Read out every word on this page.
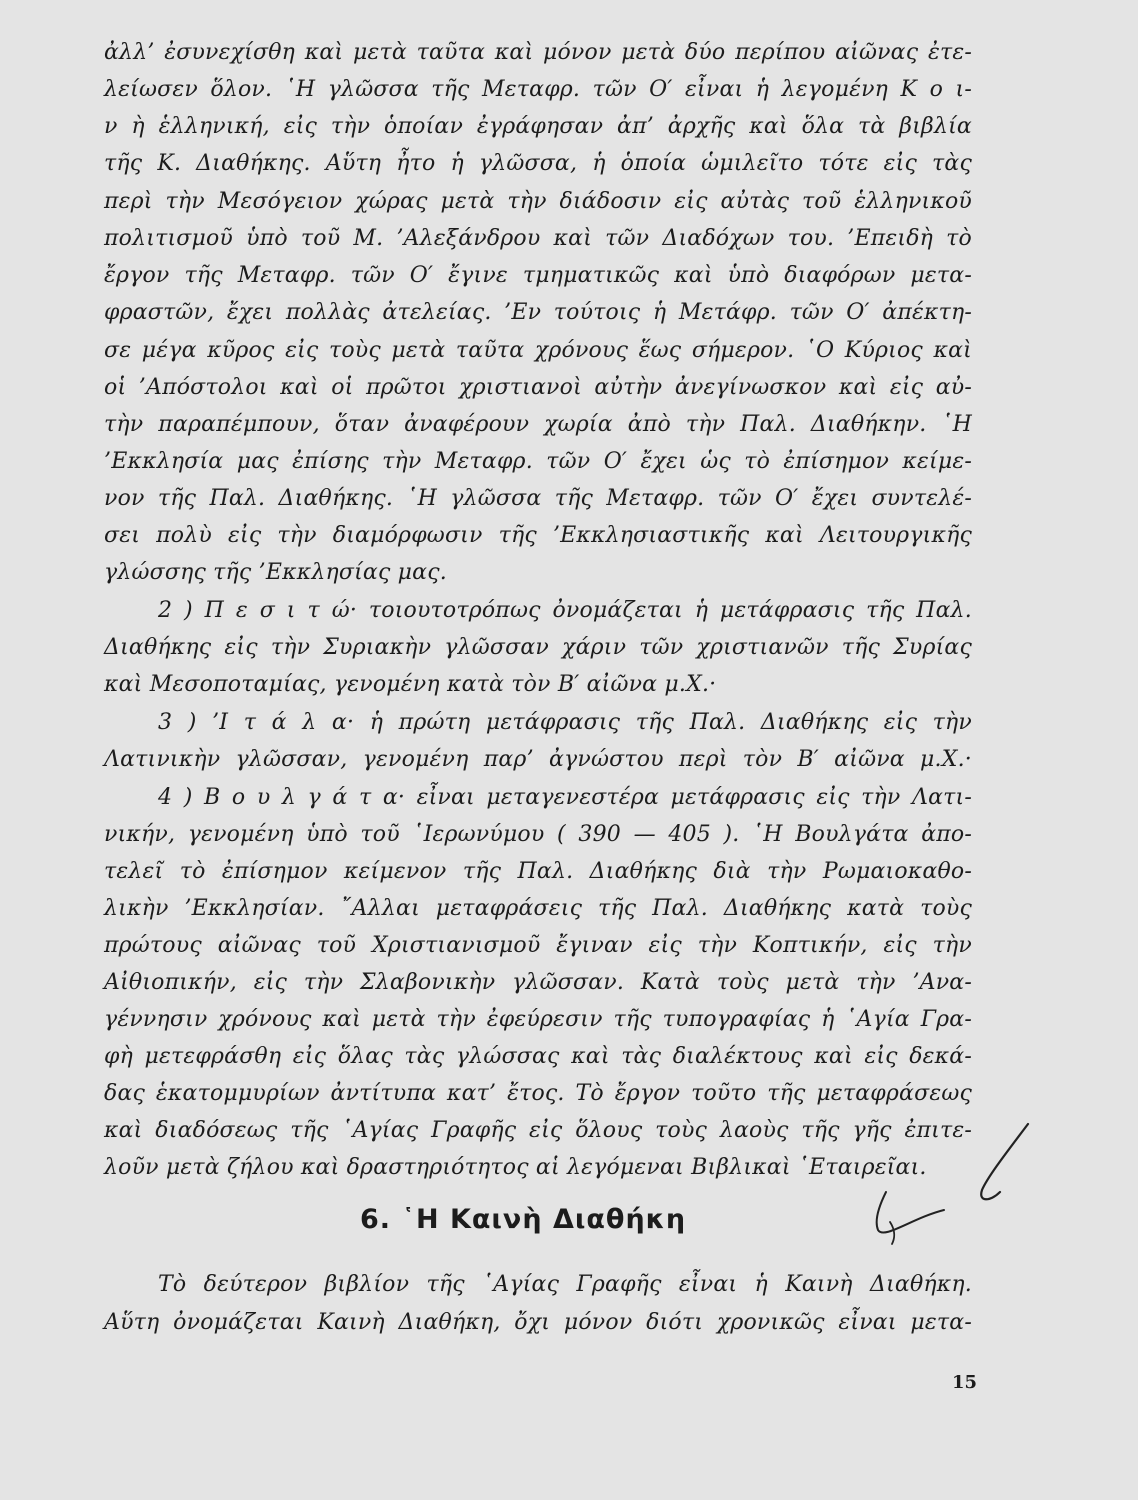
ἀλλ’ ἐσυνεχίσθη καὶ μετὰ ταῦτα καὶ μόνον μετὰ δύο περίπου αἰῶνας ἐτε-

λείωσεν ὅλον. ῾Η γλῶσσα τῆς Μεταφρ. τῶν Ο′ εἶναι ἡ λεγομένη Κ ο ι-

ν ὴ ἑλληνική, εἰς τὴν ὁποίαν ἐγράφησαν ἀπ’ ἀρχῆς καὶ ὅλα τὰ βιβλία

τῆς Κ. Διαθήκης. Αὕτη ἦτο ἡ γλῶσσα, ἡ ὁποία ὡμιλεῖτο τότε εἰς τὰς

περὶ τὴν Μεσόγειον χώρας μετὰ τὴν διάδοσιν εἰς αὐτὰς τοῦ ἑλληνικοῦ

πολιτισμοῦ ὑπὸ τοῦ Μ. ’Αλεξάνδρου καὶ τῶν Διαδόχων του. ’Επειδὴ τὸ

ἔργον τῆς Μεταφρ. τῶν Ο′ ἔγινε τμηματικῶς καὶ ὑπὸ διαφόρων μετα-

φραστῶν, ἔχει πολλὰς ἀτελείας. ’Εν τούτοις ἡ Μετάφρ. τῶν Ο′ ἀπέκτη-

σε μέγα κῦρος εἰς τοὺς μετὰ ταῦτα χρόνους ἕως σήμερον. ῾Ο Κύριος καὶ

οἱ ’Απόστολοι καὶ οἱ πρῶτοι χριστιανοὶ αὐτὴν ἀνεγίνωσκον καὶ εἰς αὐ-

τὴν παραπέμπουν, ὅταν ἀναφέρουν χωρία ἀπὸ τὴν Παλ. Διαθήκην. ῾Η

’Εκκλησία μας ἐπίσης τὴν Μεταφρ. τῶν Ο′ ἔχει ὡς τὸ ἐπίσημον κείμε-

νον τῆς Παλ. Διαθήκης. ῾Η γλῶσσα τῆς Μεταφρ. τῶν Ο′ ἔχει συντελέ-

σει πολὺ εἰς τὴν διαμόρφωσιν τῆς ’Εκκλησιαστικῆς καὶ Λειτουργικῆς

γλώσσης τῆς ’Εκκλησίας μας.

2 ) Π ε σ ι τ ώ· τοιουτοτρόπως ὀνομάζεται ἡ μετάφρασις τῆς Παλ.

Διαθήκης εἰς τὴν Συριακὴν γλῶσσαν χάριν τῶν χριστιανῶν τῆς Συρίας

καὶ Μεσοποταμίας, γενομένη κατὰ τὸν Β′ αἰῶνα μ.Χ.·

3 ) ’Ι τ ά λ α· ἡ πρώτη μετάφρασις τῆς Παλ. Διαθήκης εἰς τὴν

Λατινικὴν γλῶσσαν, γενομένη παρ’ ἀγνώστου περὶ τὸν Β′ αἰῶνα μ.Χ.·

4 ) Β ο υ λ γ ά τ α· εἶναι μεταγενεστέρα μετάφρασις εἰς τὴν Λατι-

νικήν, γενομένη ὑπὸ τοῦ ῾Ιερωνύμου ( 390 — 405 ). ῾Η Βουλγάτα ἀπο-

τελεῖ τὸ ἐπίσημον κείμενον τῆς Παλ. Διαθήκης διὰ τὴν Ρωμαιοκαθο-

λικὴν ’Εκκλησίαν. ῎Αλλαι μεταφράσεις τῆς Παλ. Διαθήκης κατὰ τοὺς

πρώτους αἰῶνας τοῦ Χριστιανισμοῦ ἔγιναν εἰς τὴν Κοπτικήν, εἰς τὴν

Αἰθιοπικήν, εἰς τὴν Σλαβονικὴν γλῶσσαν. Κατὰ τοὺς μετὰ τὴν ’Ανα-

γέννησιν χρόνους καὶ μετὰ τὴν ἐφεύρεσιν τῆς τυπογραφίας ἡ ῾Αγία Γρα-

φὴ μετεφράσθη εἰς ὅλας τὰς γλώσσας καὶ τὰς διαλέκτους καὶ εἰς δεκά-

δας ἑκατομμυρίων ἀντίτυπα κατ’ ἔτος. Τὸ ἔργον τοῦτο τῆς μεταφράσεως

καὶ διαδόσεως τῆς ῾Αγίας Γραφῆς εἰς ὅλους τοὺς λαοὺς τῆς γῆς ἐπιτε-

λοῦν μετὰ ζήλου καὶ δραστηριότητος αἱ λεγόμεναι Βιβλικαὶ ῾Εταιρεῖαι.

6. ῾Η Καινὴ Διαθήκη

Τὸ δεύτερον βιβλίον τῆς ῾Αγίας Γραφῆς εἶναι ἡ Καινὴ Διαθήκη.

Αὕτη ὀνομάζεται Καινὴ Διαθήκη, ὄχι μόνον διότι χρονικῶς εἶναι μετα-

15
